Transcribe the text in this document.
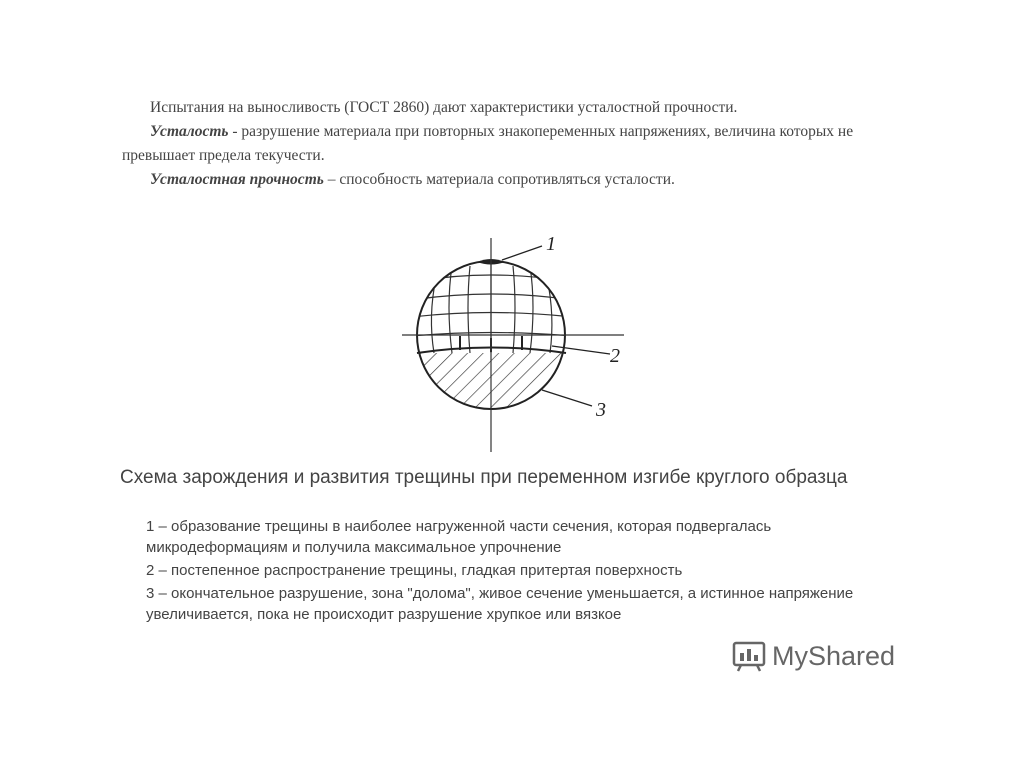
Испытания на выносливость (ГОСТ 2860) дают характеристики усталостной прочности.

Усталость - разрушение материала при повторных знакопеременных напряжениях, величина которых не превышает предела текучести.

Усталостная прочность – способность материала сопротивляться усталости.

1
2
3
Схема зарождения и развития трещины при переменном изгибе круглого образца
1 – образование трещины в наиболее нагруженной части сечения, которая подвергалась микродеформациям и получила максимальное упрочнение
2 – постепенное распространение трещины, гладкая притертая поверхность
3 – окончательное разрушение, зона "долома", живое сечение уменьшается, а истинное напряжение увеличивается, пока не происходит разрушение хрупкое или вязкое
MyShared
